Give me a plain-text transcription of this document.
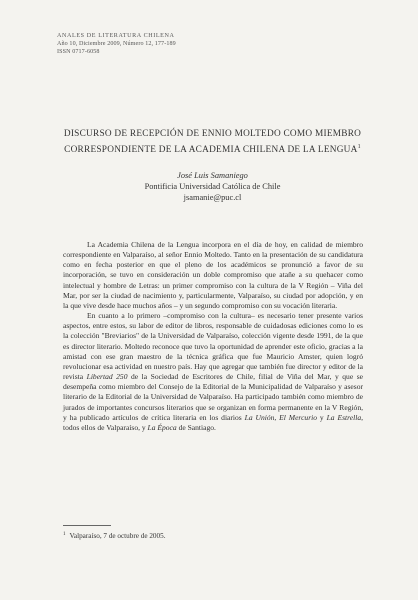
ANALES DE LITERATURA CHILENA
Año 10, Diciembre 2009, Número 12, 177-189
ISSN 0717-6058
DISCURSO DE RECEPCIÓN DE ENNIO MOLTEDO COMO MIEMBRO
CORRESPONDIENTE DE LA ACADEMIA CHILENA DE LA LENGUA$^1$
José Luis Samaniego
Pontificia Universidad Católica de Chile
jsamanie@puc.cl

La Academia Chilena de la Lengua incorpora en el día de hoy, en calidad de miembro correspondiente en Valparaíso, al señor Ennio Moltedo. Tanto en la presentación de su candidatura como en fecha posterior en que el pleno de los académicos se pronunció a favor de su incorporación, se tuvo en consideración un doble compromiso que atañe a su quehacer como intelectual y hombre de Letras: un primer compromiso con la cultura de la V Región – Viña del Mar, por ser la ciudad de nacimiento y, particularmente, Valparaíso, su ciudad por adopción, y en la que vive desde hace muchos años – y un segundo compromiso con su vocación literaria.

En cuanto a lo primero –compromiso con la cultura– es necesario tener presente varios aspectos, entre estos, su labor de editor de libros, responsable de cuidadosas ediciones como lo es la colección "Breviarios" de la Universidad de Valparaíso, colección vigente desde 1991, de la que es director literario. Moltedo reconoce que tuvo la oportunidad de aprender este oficio, gracias a la amistad con ese gran maestro de la técnica gráfica que fue Mauricio Amster, quien logró revolucionar esa actividad en nuestro país. Hay que agregar que también fue director y editor de la revista Libertad 250 de la Sociedad de Escritores de Chile, filial de Viña del Mar, y que se desempeña como miembro del Consejo de la Editorial de la Municipalidad de Valparaíso y asesor literario de la Editorial de la Universidad de Valparaíso. Ha participado también como miembro de jurados de importantes concursos literarios que se organizan en forma permanente en la V Región, y ha publicado artículos de crítica literaria en los diarios La Unión, El Mercurio y La Estrella, todos ellos de Valparaíso, y La Época de Santiago.

$^1$ Valparaíso, 7 de octubre de 2005.
